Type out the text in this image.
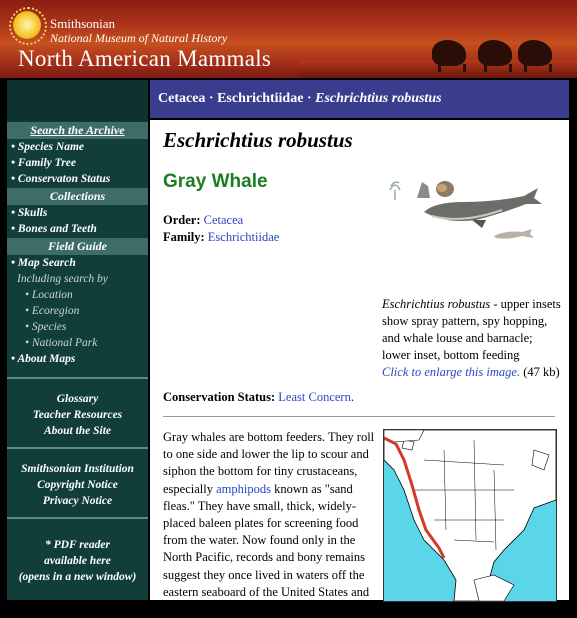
Smithsonian
National Museum of Natural History
North American Mammals
Search the Archive
• Species Name
• Family Tree
• Conservaton Status
Collections
• Skulls
• Bones and Teeth
Field Guide
• Map Search
Including search by
• Location
• Ecoregion
• Species
• National Park
• About Maps
Glossary
Teacher Resources
About the Site
Smithsonian Institution
Copyright Notice
Privacy Notice
* PDF reader
available here
(opens in a new window)
Cetacea · Eschrichtiidae · Eschrichtius robustus
Eschrichtius robustus
Gray Whale
Order: Cetacea
Family: Eschrichtiidae
Eschrichtius robustus - upper insets show spray pattern, spy hopping, and whale louse and barnacle; lower inset, bottom feeding
Click to enlarge this image. (47 kb)
Conservation Status: Least Concern.
Gray whales are bottom feeders. They roll to one side and lower the lip to scour and siphon the bottom for tiny crustaceans, especially amphipods known as "sand fleas." They have small, thick, widely-placed baleen plates for screening food from the water. Now found only in the North Pacific, records and bony remains suggest they once lived in waters off the eastern seaboard of the United States and across the Atlantic near England, Sweden,
